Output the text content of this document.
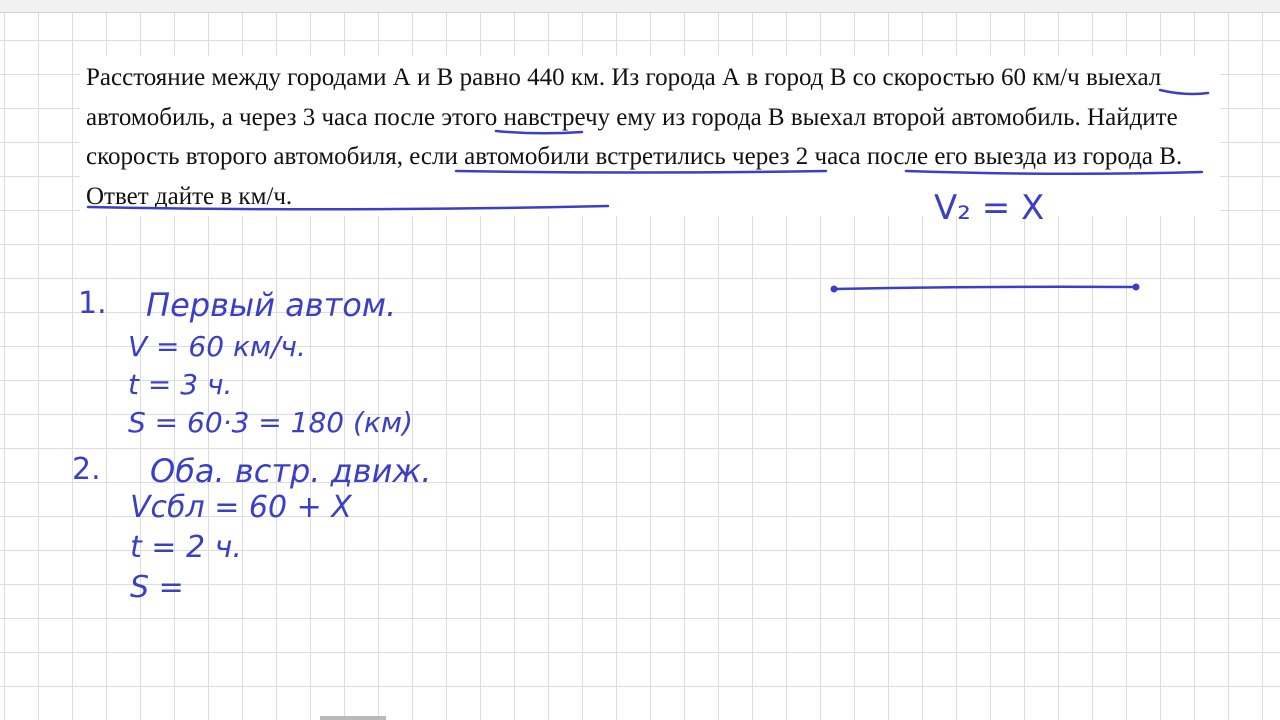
Расстояние между городами А и В равно 440 км. Из города А в город В со скоростью 60 км/ч выехал автомобиль, а через 3 часа после этого навстречу ему из города В выехал второй автомобиль. Найдите скорость второго автомобиля, если автомобили встретились через 2 часа после его выезда из города В. Ответ дайте в км/ч.	V₂ = X
1. Первый автом.
V = 60 км/ч.
t = 3 ч.
S = 60·3 = 180 (км)
2. Оба. встр. движ.
Vсбл = 60 + X
t = 2 ч.
S =
